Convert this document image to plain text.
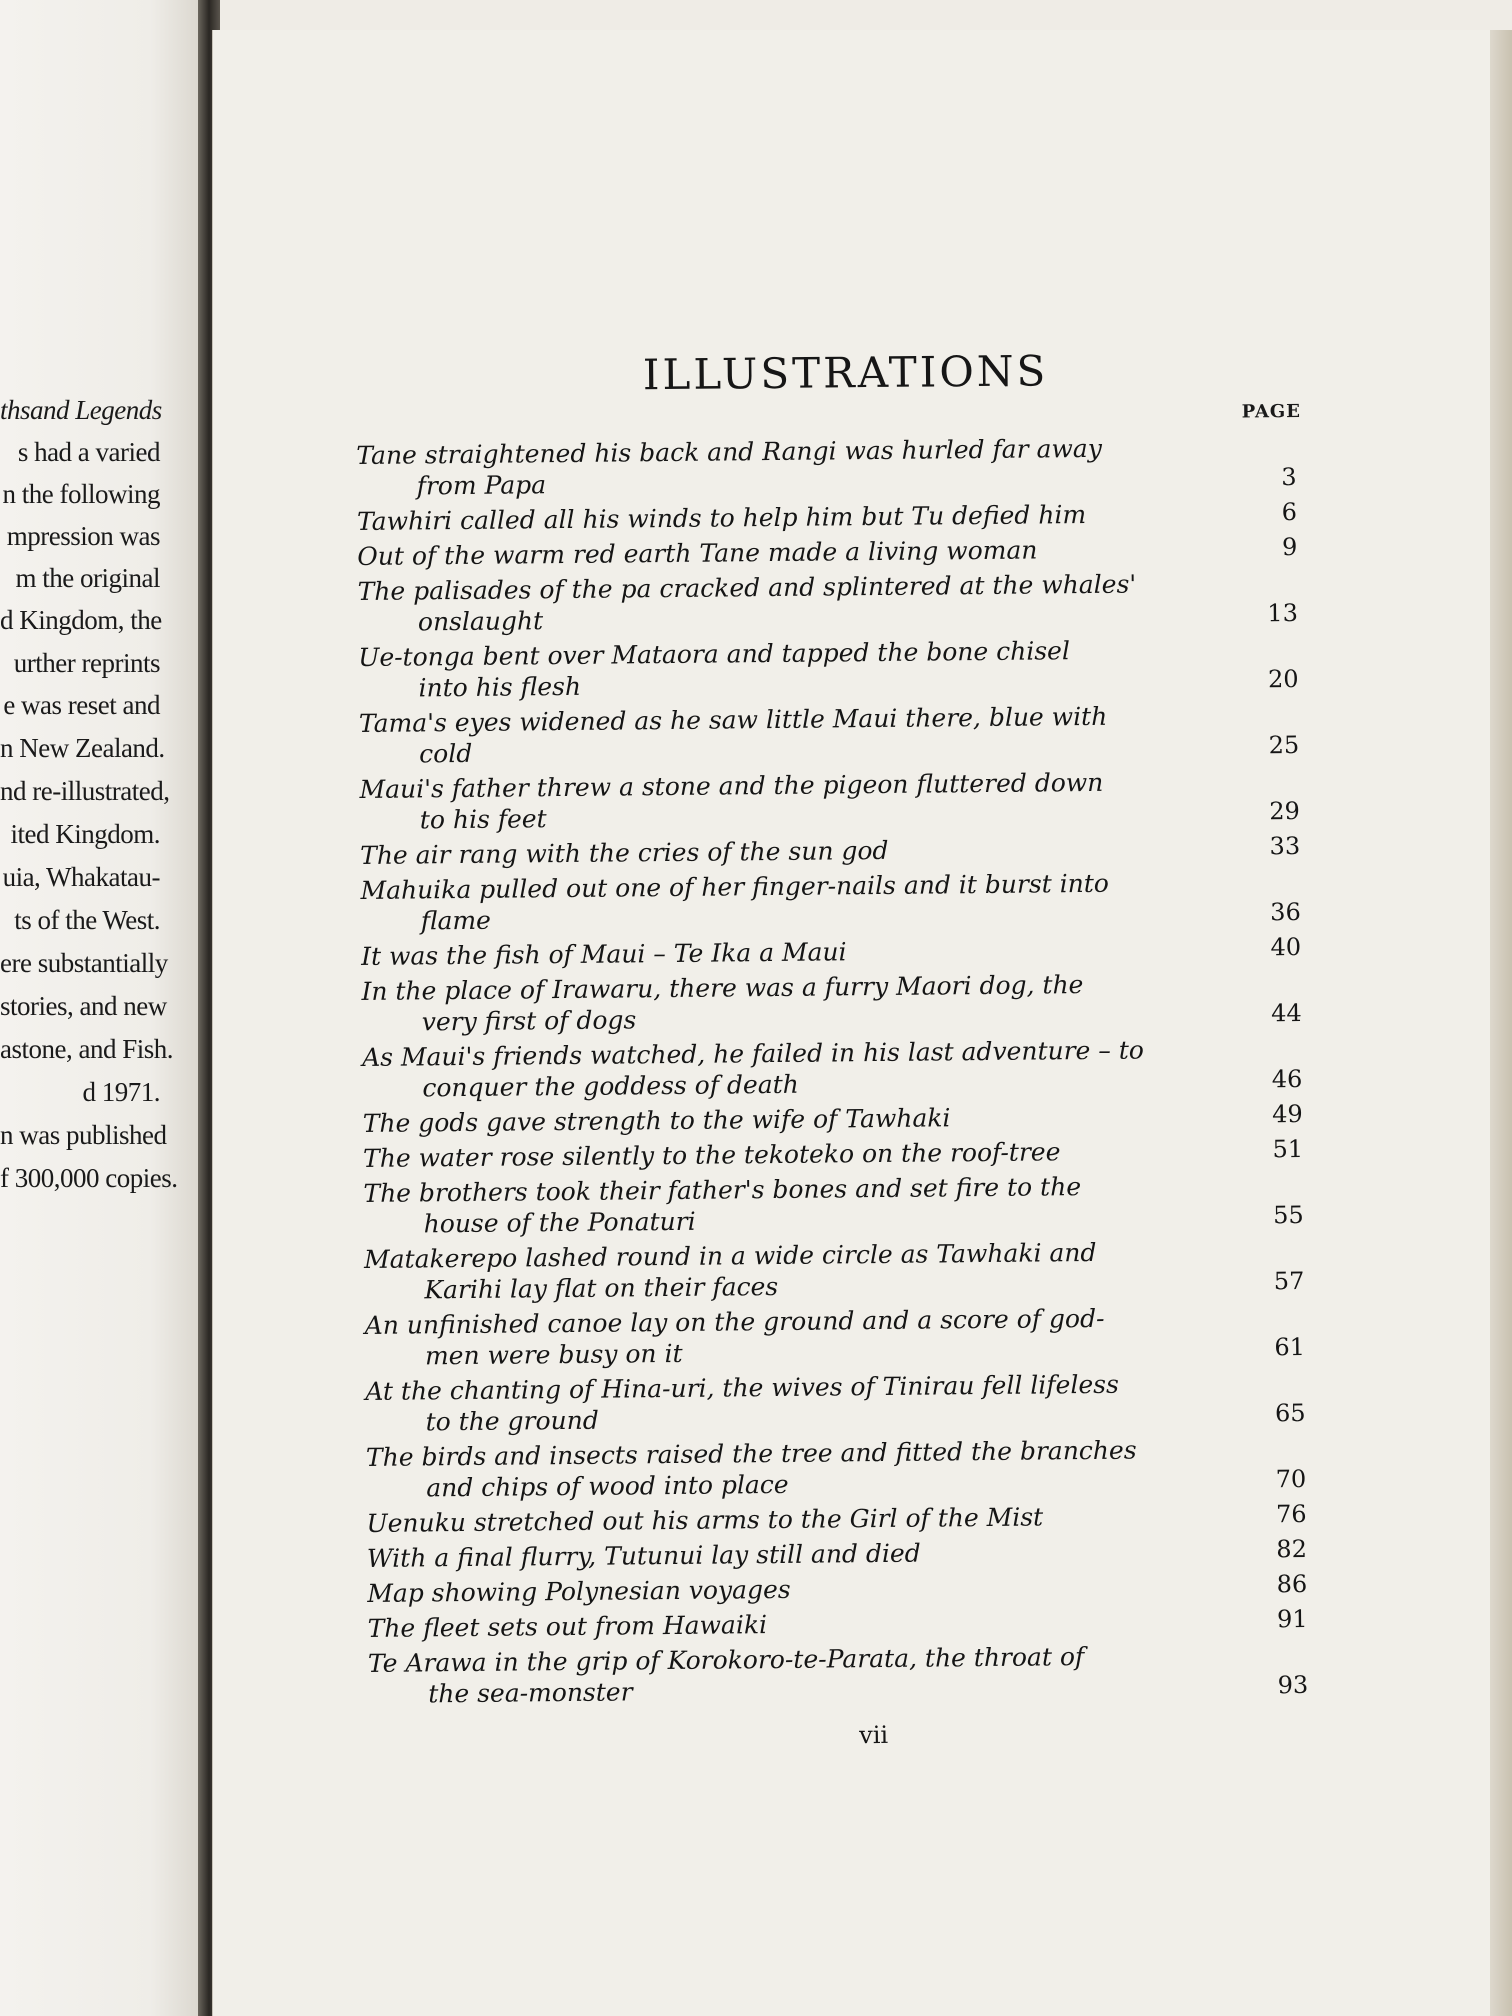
thsand Legends
s had a varied
n the following
mpression was
m the original
d Kingdom, the
urther reprints
e was reset and
n New Zealand.
nd re-illustrated,
ited Kingdom.
uia, Whakatau-
ts of the West.
ere substantially
stories, and new
astone, and Fish.
d 1971.
n was published
f 300,000 copies.
ILLUSTRATIONS
PAGE
Tane straightened his back and Rangi was hurled far away
from Papa	3
Tawhiri called all his winds to help him but Tu defied him	6
Out of the warm red earth Tane made a living woman	9
The palisades of the pa cracked and splintered at the whales'
onslaught	13
Ue-tonga bent over Mataora and tapped the bone chisel
into his flesh	20
Tama's eyes widened as he saw little Maui there, blue with
cold	25
Maui's father threw a stone and the pigeon fluttered down
to his feet	29
The air rang with the cries of the sun god	33
Mahuika pulled out one of her finger-nails and it burst into
flame	36
It was the fish of Maui – Te Ika a Maui	40
In the place of Irawaru, there was a furry Maori dog, the
very first of dogs	44
As Maui's friends watched, he failed in his last adventure – to
conquer the goddess of death	46
The gods gave strength to the wife of Tawhaki	49
The water rose silently to the tekoteko on the roof-tree	51
The brothers took their father's bones and set fire to the
house of the Ponaturi	55
Matakerepo lashed round in a wide circle as Tawhaki and
Karihi lay flat on their faces	57
An unfinished canoe lay on the ground and a score of god-
men were busy on it	61
At the chanting of Hina-uri, the wives of Tinirau fell lifeless
to the ground	65
The birds and insects raised the tree and fitted the branches
and chips of wood into place	70
Uenuku stretched out his arms to the Girl of the Mist	76
With a final flurry, Tutunui lay still and died	82
Map showing Polynesian voyages	86
The fleet sets out from Hawaiki	91
Te Arawa in the grip of Korokoro-te-Parata, the throat of
the sea-monster	93
vii
